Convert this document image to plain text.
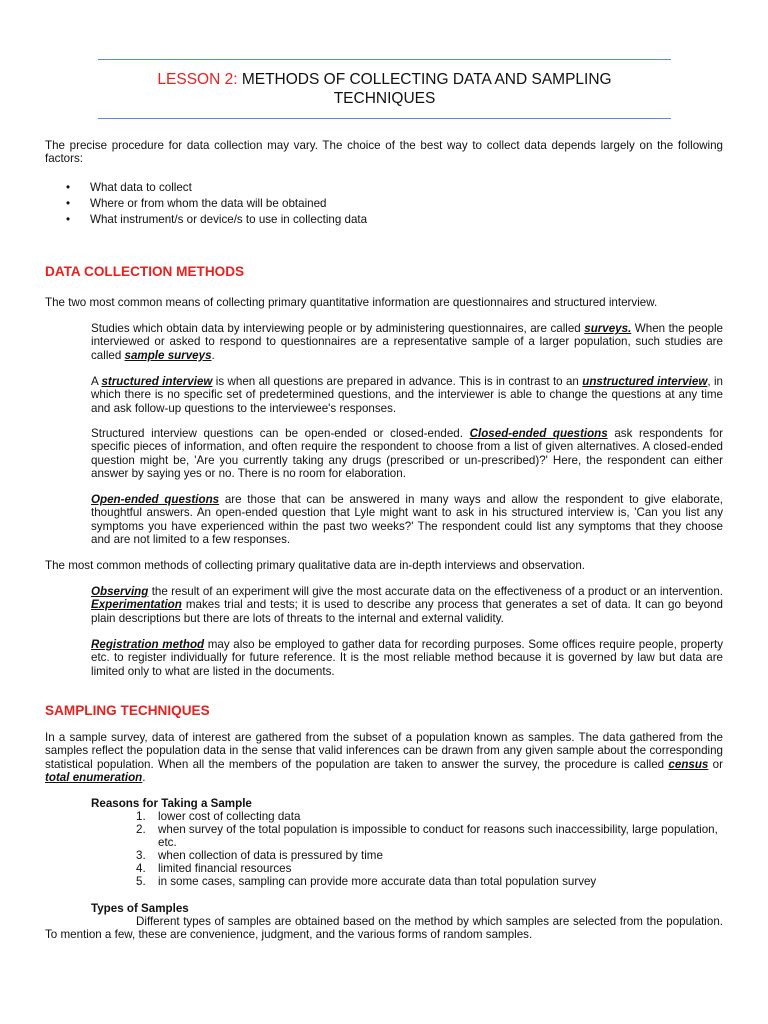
LESSON 2: METHODS OF COLLECTING DATA AND SAMPLING
TECHNIQUES

The precise procedure for data collection may vary. The choice of the best way to collect data depends largely on the following factors:

• What data to collect

• Where or from whom the data will be obtained

• What instrument/s or device/s to use in collecting data

DATA COLLECTION METHODS

The two most common means of collecting primary quantitative information are questionnaires and structured interview.

Studies which obtain data by interviewing people or by administering questionnaires, are called surveys. When the people interviewed or asked to respond to questionnaires are a representative sample of a larger population, such studies are called sample surveys.

A structured interview is when all questions are prepared in advance. This is in contrast to an unstructured interview, in which there is no specific set of predetermined questions, and the interviewer is able to change the questions at any time and ask follow-up questions to the interviewee's responses.

Structured interview questions can be open-ended or closed-ended. Closed-ended questions ask respondents for specific pieces of information, and often require the respondent to choose from a list of given alternatives. A closed-ended question might be, 'Are you currently taking any drugs (prescribed or un-prescribed)?' Here, the respondent can either answer by saying yes or no. There is no room for elaboration.

Open-ended questions are those that can be answered in many ways and allow the respondent to give elaborate, thoughtful answers. An open-ended question that Lyle might want to ask in his structured interview is, 'Can you list any symptoms you have experienced within the past two weeks?' The respondent could list any symptoms that they choose and are not limited to a few responses.

The most common methods of collecting primary qualitative data are in-depth interviews and observation.

Observing the result of an experiment will give the most accurate data on the effectiveness of a product or an intervention. Experimentation makes trial and tests; it is used to describe any process that generates a set of data. It can go beyond plain descriptions but there are lots of threats to the internal and external validity.

Registration method may also be employed to gather data for recording purposes. Some offices require people, property etc. to register individually for future reference. It is the most reliable method because it is governed by law but data are limited only to what are listed in the documents.

SAMPLING TECHNIQUES

In a sample survey, data of interest are gathered from the subset of a population known as samples. The data gathered from the samples reflect the population data in the sense that valid inferences can be drawn from any given sample about the corresponding statistical population. When all the members of the population are taken to answer the survey, the procedure is called census or total enumeration.

Reasons for Taking a Sample

1. lower cost of collecting data

2. when survey of the total population is impossible to conduct for reasons such inaccessibility, large population, etc.

3. when collection of data is pressured by time

4. limited financial resources

5. in some cases, sampling can provide more accurate data than total population survey

Types of Samples

Different types of samples are obtained based on the method by which samples are selected from the population. To mention a few, these are convenience, judgment, and the various forms of random samples.
